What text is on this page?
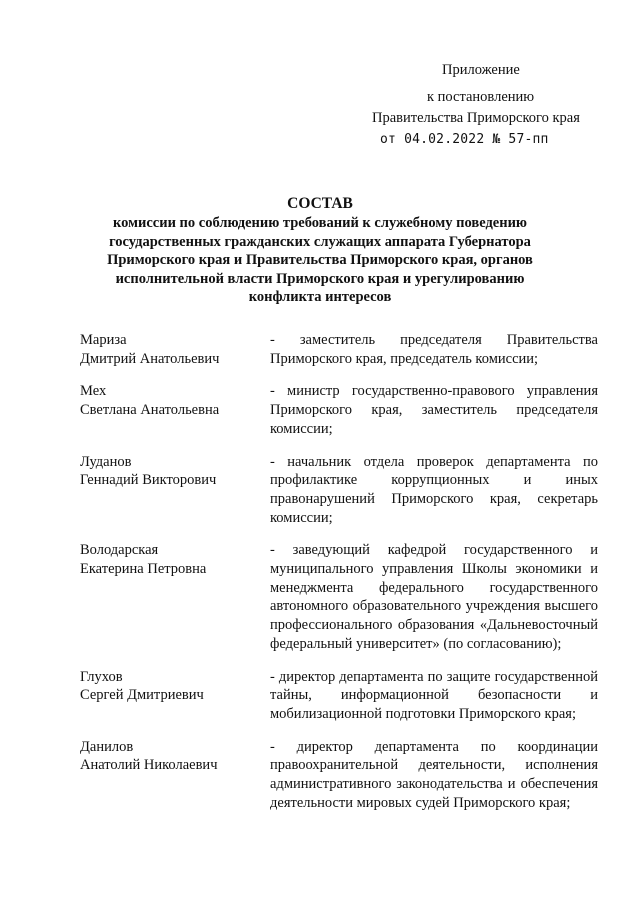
Приложение
к постановлению
Правительства Приморского края
от 04.02.2022 № 57-пп
СОСТАВ
комиссии по соблюдению требований к служебному поведению
государственных гражданских служащих аппарата Губернатора
Приморского края и Правительства Приморского края, органов
исполнительной власти Приморского края и урегулированию
конфликта интересов
Мариза
Дмитрий Анатольевич
- заместитель председателя Правительства Приморского края, председатель комиссии;
Мех
Светлана Анатольевна
- министр государственно-правового управления Приморского края, заместитель председателя комиссии;
Луданов
Геннадий Викторович
- начальник отдела проверок департамента по профилактике коррупционных и иных правонарушений Приморского края, секретарь комиссии;
Володарская
Екатерина Петровна
- заведующий кафедрой государственного и муниципального управления Школы экономики и менеджмента федерального государственного автономного образовательного учреждения высшего профессионального образования «Дальневосточный федеральный университет» (по согласованию);
Глухов
Сергей Дмитриевич
- директор департамента по защите государственной тайны, информационной безопасности и мобилизационной подготовки Приморского края;
Данилов
Анатолий Николаевич
- директор департамента по координации правоохранительной деятельности, исполнения административного законодательства и обеспечения деятельности мировых судей Приморского края;
